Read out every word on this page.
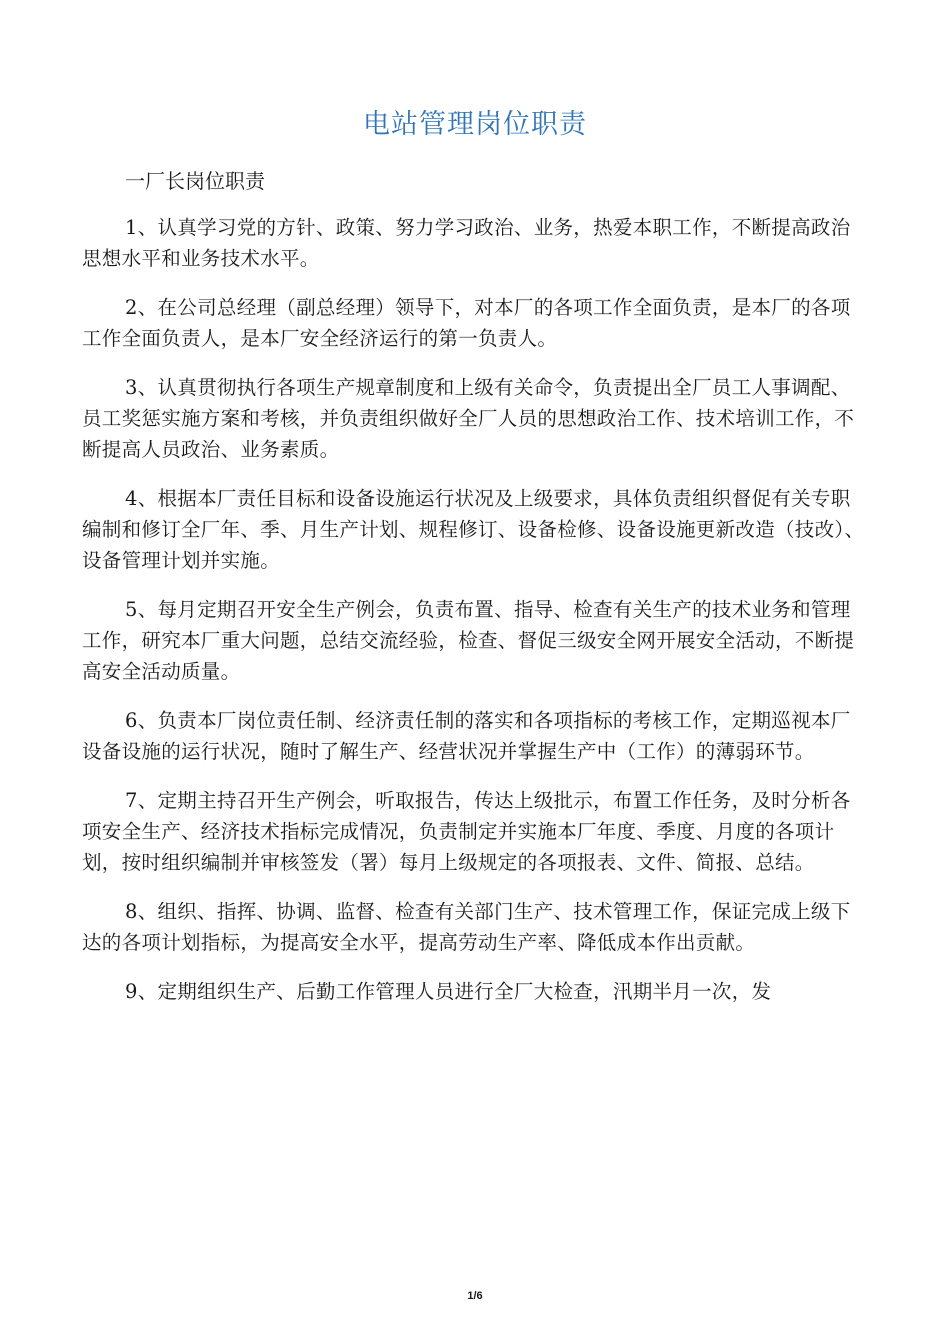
电站管理岗位职责
一厂长岗位职责

1、认真学习党的方针、政策、努力学习政治、业务，热爱本职工作，不断提高政治思想水平和业务技术水平。

2、在公司总经理（副总经理）领导下，对本厂的各项工作全面负责，是本厂的各项工作全面负责人，是本厂安全经济运行的第一负责人。

3、认真贯彻执行各项生产规章制度和上级有关命令，负责提出全厂员工人事调配、员工奖惩实施方案和考核，并负责组织做好全厂人员的思想政治工作、技术培训工作，不断提高人员政治、业务素质。

4、根据本厂责任目标和设备设施运行状况及上级要求，具体负责组织督促有关专职编制和修订全厂年、季、月生产计划、规程修订、设备检修、设备设施更新改造（技改）、设备管理计划并实施。

5、每月定期召开安全生产例会，负责布置、指导、检查有关生产的技术业务和管理工作，研究本厂重大问题，总结交流经验，检查、督促三级安全网开展安全活动，不断提高安全活动质量。

6、负责本厂岗位责任制、经济责任制的落实和各项指标的考核工作，定期巡视本厂设备设施的运行状况，随时了解生产、经营状况并掌握生产中（工作）的薄弱环节。

7、定期主持召开生产例会，听取报告，传达上级批示，布置工作任务，及时分析各项安全生产、经济技术指标完成情况，负责制定并实施本厂年度、季度、月度的各项计划，按时组织编制并审核签发（署）每月上级规定的各项报表、文件、简报、总结。

8、组织、指挥、协调、监督、检查有关部门生产、技术管理工作，保证完成上级下达的各项计划指标，为提高安全水平，提高劳动生产率、降低成本作出贡献。

9、定期组织生产、后勤工作管理人员进行全厂大检查，汛期半月一次，发

1/6
